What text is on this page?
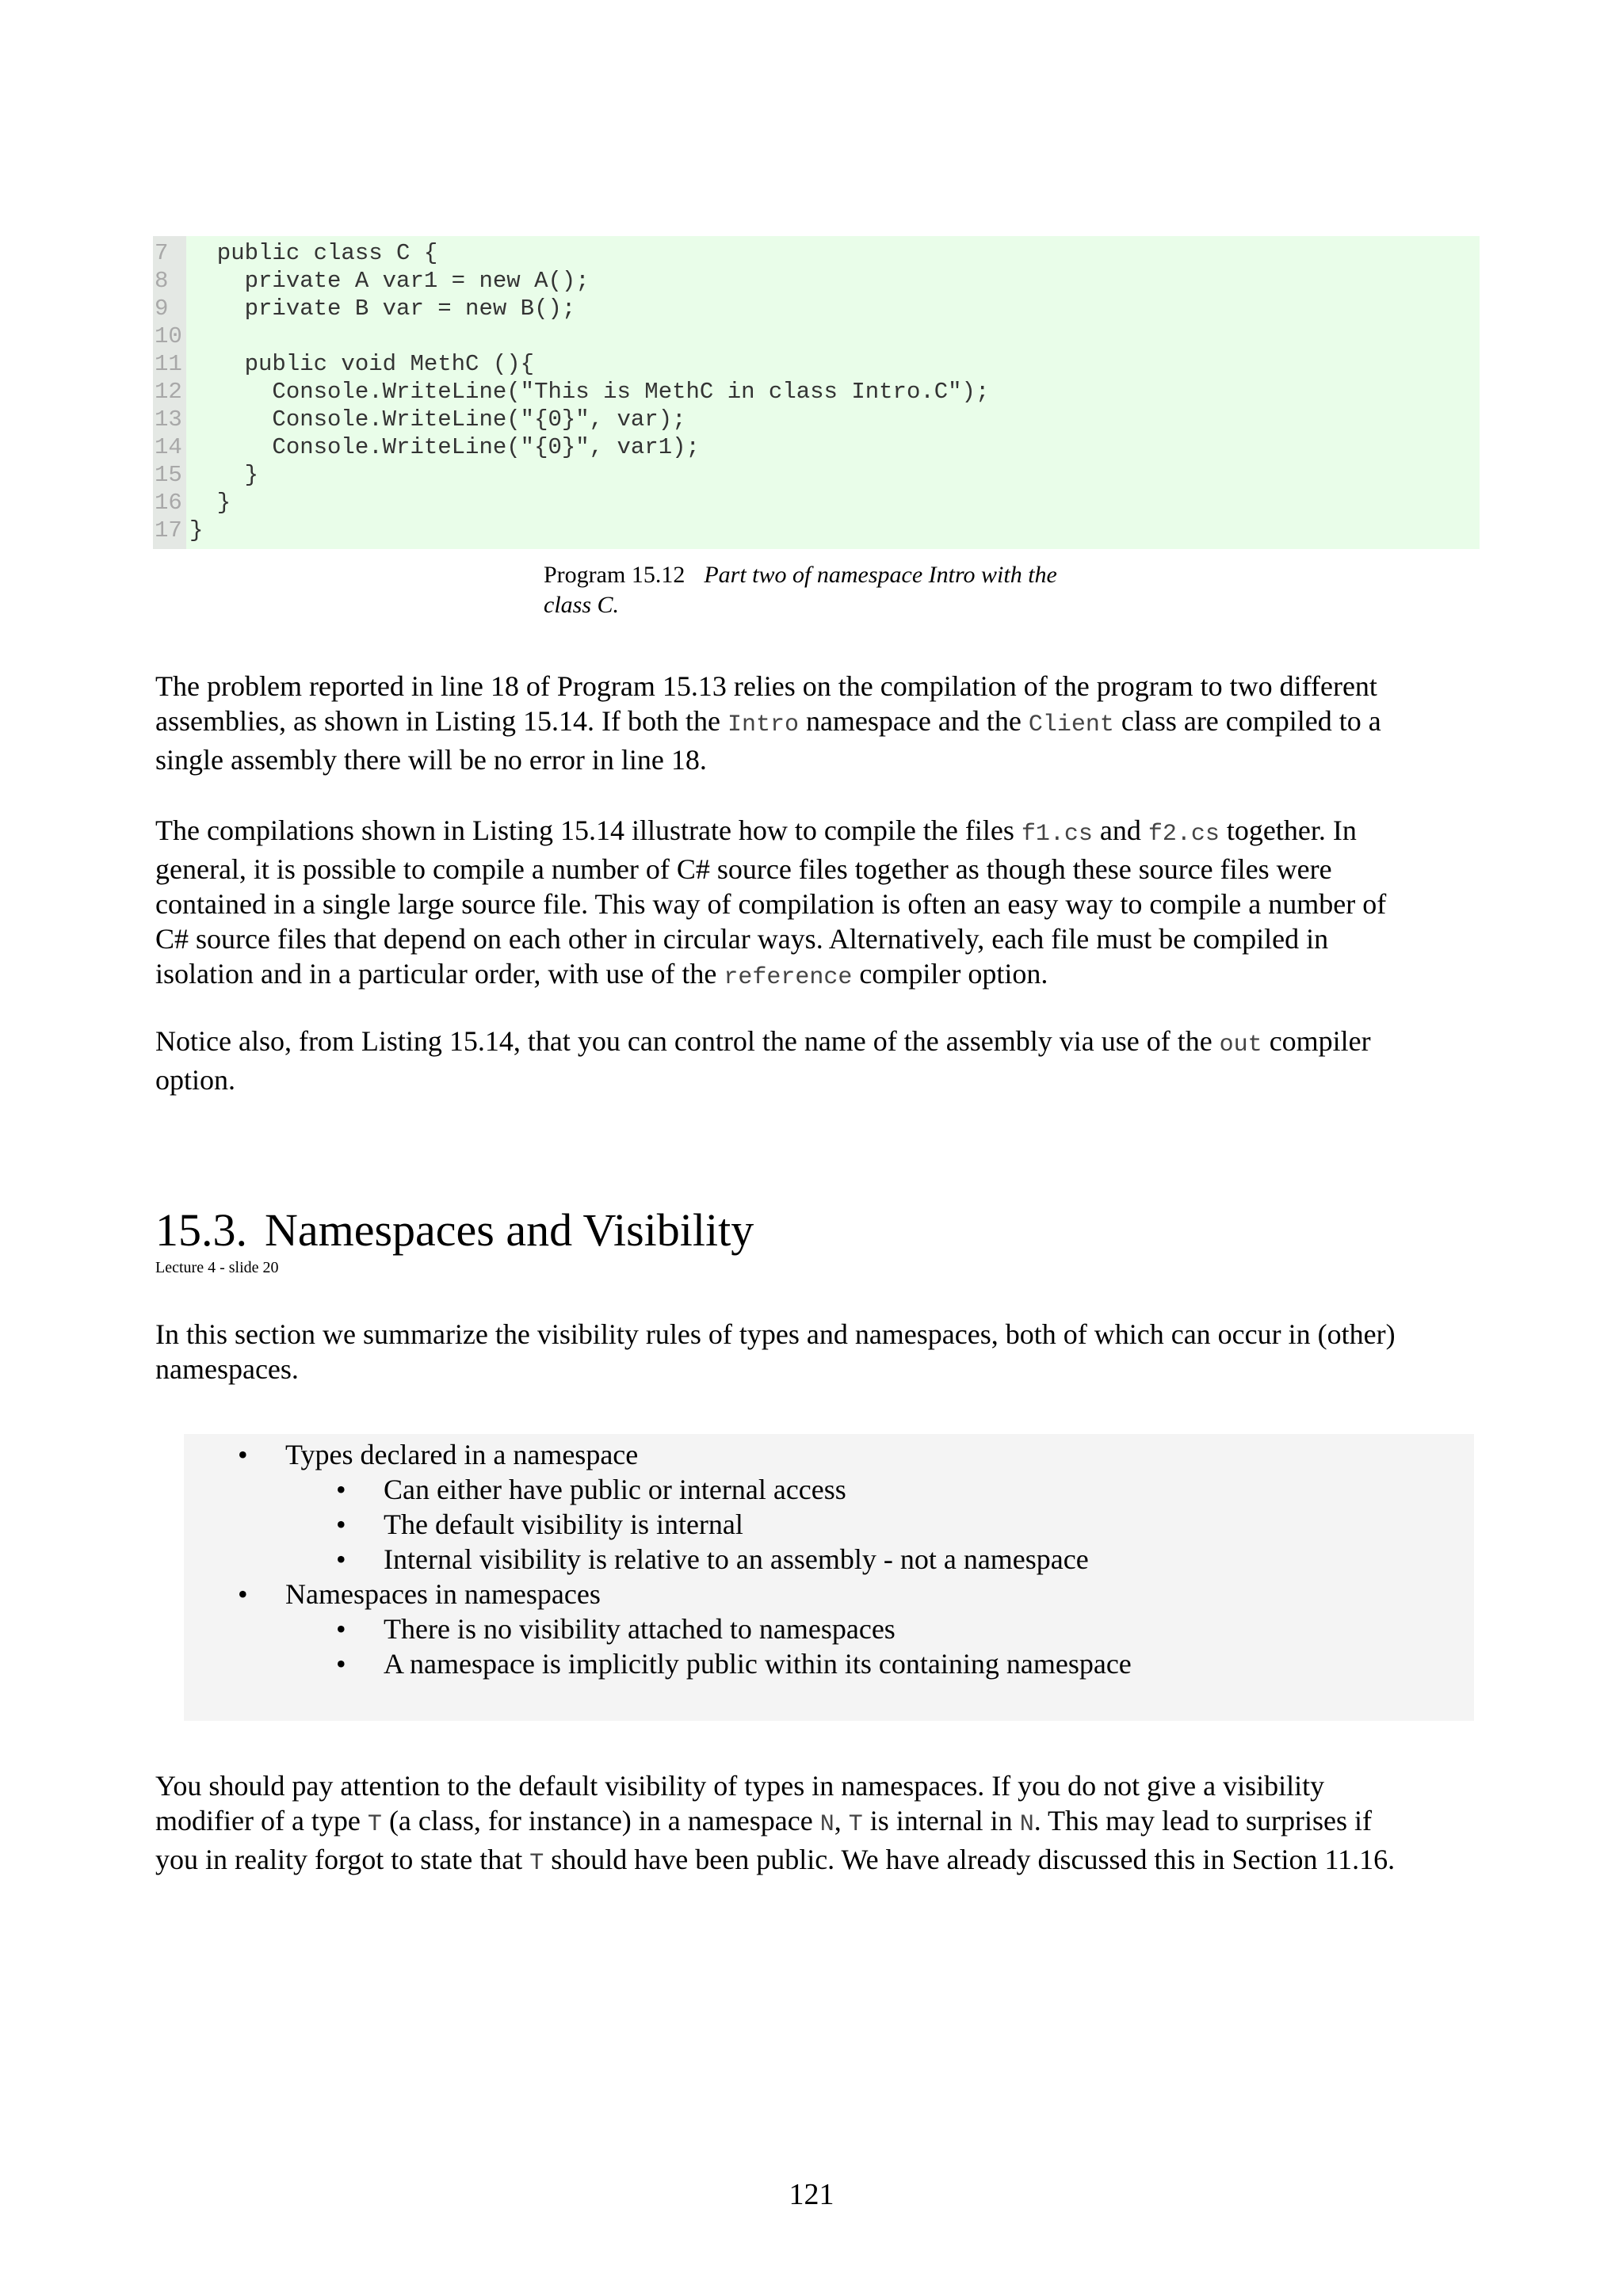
7  public class C {
8    private A var1 = new A();
9    private B var = new B();
10
11    public void MethC (){
12      Console.WriteLine("This is MethC in class Intro.C");
13      Console.WriteLine("{0}", var);
14      Console.WriteLine("{0}", var1);
15    }
16  }
17 }
Program 15.12 Part two of namespace Intro with the
class C.
The problem reported in line 18 of Program 15.13 relies on the compilation of the program to two different
assemblies, as shown in Listing 15.14. If both the Intro namespace and the Client class are compiled to a
single assembly there will be no error in line 18.
The compilations shown in Listing 15.14 illustrate how to compile the files f1.cs and f2.cs together. In
general, it is possible to compile a number of C# source files together as though these source files were
contained in a single large source file. This way of compilation is often an easy way to compile a number of
C# source files that depend on each other in circular ways. Alternatively, each file must be compiled in
isolation and in a particular order, with use of the reference compiler option.
Notice also, from Listing 15.14, that you can control the name of the assembly via use of the out compiler
option.
15.3. Namespaces and Visibility
Lecture 4 - slide 20
In this section we summarize the visibility rules of types and namespaces, both of which can occur in (other)
namespaces.
• Types declared in a namespace
• Can either have public or internal access
• The default visibility is internal
• Internal visibility is relative to an assembly - not a namespace
• Namespaces in namespaces
• There is no visibility attached to namespaces
• A namespace is implicitly public within its containing namespace
You should pay attention to the default visibility of types in namespaces. If you do not give a visibility
modifier of a type T (a class, for instance) in a namespace N, T is internal in N. This may lead to surprises if
you in reality forgot to state that T should have been public. We have already discussed this in Section 11.16.
121
